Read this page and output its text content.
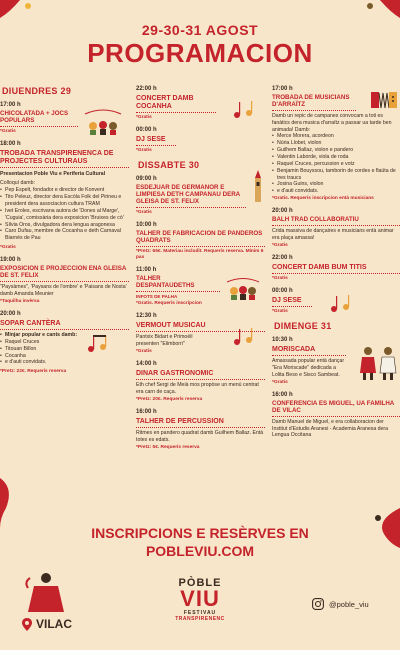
29-30-31 AGOST
PROGRAMACION
DIUENDRES 29
17:00 h
CHICOLATADA + JOCS POPULARS
*Gratis
18:00 h
TROBADA TRANSPIRENENCA DE PROJECTES CULTURAUS
Presentacion Poble Viu e Periferia Cultural
Colloquí damb:
• Pep Espelt, fondador e director de Konvent
• Tito Peleuz, director dera Escòla Folk del Pirineu e president dera associacion cultura TRAM
• Ivet Eroles, escrivana autora de 'Dones al Marge', 'Cuguia', comissària dera exposicion 'Bruixes de cò'
• Sílvia Oros, divulgadora dera lengua aragonesa
• Caro Dufau, membre de Cocanha e deth Carnaval Biarnés de Pau
*Gratis
19:00 h
EXPOSICION E PROJECCION ENA GLEISA DE ST. FELIX
"Paysàmes", 'Paysans de l'ombre' e 'Paisans de Nosta' damb Amanda Meunier
*Taquilha invèrsa
20:00 h
SOPAR CANTÈRA
• Minjar popular e cants damb:
• Raquel Cruces
• Titouan Billon
• Cocanha
• e d'auti convidats.
*Pretz: 22€. Requerís reserva
22:00 h
CONCERT DAMB COCANHA
*Gratis
00:00 h
DJ SESE
*Gratis
DISSABTE 30
09:00 h
ESDEJUAR DE GERMANOR E LIMPIESA DETH CAMPANAU DERA GLEISA DE ST. FELIX
*Gratis
10:00 h
TALHER DE FABRICACION DE PANDEROS QUADRATS
*Pretz: 65€. Materiau includit. Requerís reserva. Mínim 6 pax
11:00 h
TALHER DESPANTAUDETHS
INFOTS DE PALHA
*Gratis. Requerís inscripcion
12:30 h
VERMOUT MUSICAU
Pantxix Bidart e Primoëil presenten "Elimborri"
*Gratis
14:00 h
DINAR GASTRONOMIC
Eth chef Sergi de Meià mos propòse un menú centrat era carn de caça.
*Pretz: 20€. Requerís reserva
16:00 h
TALHER DE PERCUSSION
Ritmes en pandero quadrat damb Guilhem Ballaz. Entà totes es edats.
*Pretz: 5€. Requerís reserva
17:00 h
TROBADA DE MUSICIANS D'ARRAÏTZ
Damb un repic de campanes convocam a toti es fanàtics dera musica d'arraïtz a passar ua tarde ben animada! Damb:
• Merce Morera, acordeon
• Núria Llobet, violon
• Guilhem Ballaz, violon e pandero
• Valentin Laborde, viola de roda
• Raquel Cruces, percussion e votz
• Benjamin Bouyssou, tamborin de cordes e flaüta de tres traucs
• Josina Guins, violon
• e d'auti convidats.
*Gratis. Requerís inscripcion entà musicians
20:00 h
BALH TRAD COLLABORATIU
Crida massiva de dançaires e musicians entà animar era plaça amassa!
*Gratis
22:00 h
CONCERT DAMB BUM TITIS
*Gratis
00:00 h
DJ SESE
*Gratis
DIMENGE 31
10:30 h
MORISCADA
Amassada popular entà dançar "Era Moriscade" dedicada a Lolita Beso e Sisco Sambeat.
*Gratis
16:00 h
CONFERENCIA ES MIGUEL, UA FAMILHA DE VILAC
Damb Manuel de Miguel, e era collaboracion der Institut d'Estudis Aranesi - Academia Aranesa dera Lengua Occitana
INSCRIPCIONS E RESÈRVES EN
POBLEVIU.COM
VILAC
PÒBLE
VIU
FESTIVAU
TRANSPIRENENC
@poble_viu
